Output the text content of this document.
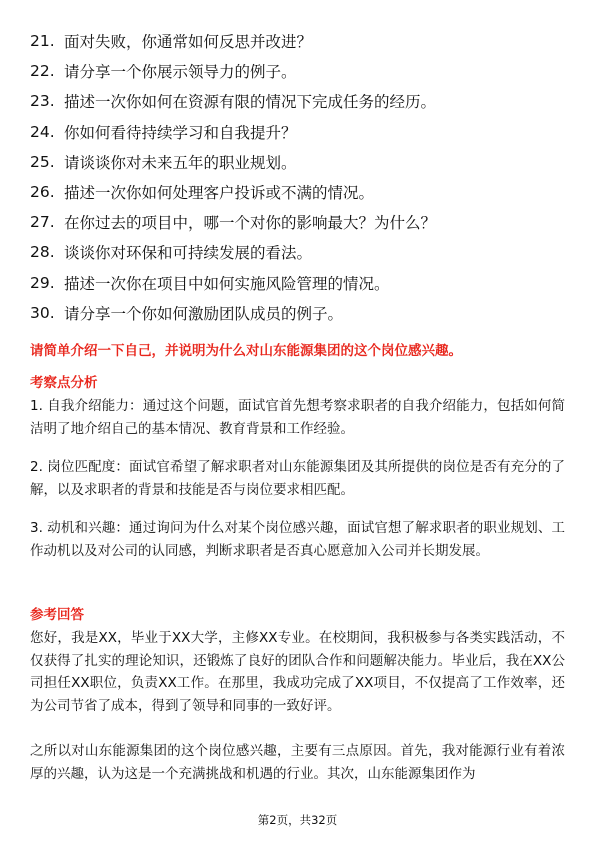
21. 面对失败，你通常如何反思并改进？
22. 请分享一个你展示领导力的例子。
23. 描述一次你如何在资源有限的情况下完成任务的经历。
24. 你如何看待持续学习和自我提升？
25. 请谈谈你对未来五年的职业规划。
26. 描述一次你如何处理客户投诉或不满的情况。
27. 在你过去的项目中，哪一个对你的影响最大？为什么？
28. 谈谈你对环保和可持续发展的看法。
29. 描述一次你在项目中如何实施风险管理的情况。
30. 请分享一个你如何激励团队成员的例子。
请简单介绍一下自己，并说明为什么对山东能源集团的这个岗位感兴趣。
考察点分析
1. 自我介绍能力：通过这个问题，面试官首先想考察求职者的自我介绍能力，包括如何简洁明了地介绍自己的基本情况、教育背景和工作经验。
2. 岗位匹配度：面试官希望了解求职者对山东能源集团及其所提供的岗位是否有充分的了解，以及求职者的背景和技能是否与岗位要求相匹配。
3. 动机和兴趣：通过询问为什么对某个岗位感兴趣，面试官想了解求职者的职业规划、工作动机以及对公司的认同感，判断求职者是否真心愿意加入公司并长期发展。
参考回答
您好，我是XX，毕业于XX大学，主修XX专业。在校期间，我积极参与各类实践活动，不仅获得了扎实的理论知识，还锻炼了良好的团队合作和问题解决能力。毕业后，我在XX公司担任XX职位，负责XX工作。在那里，我成功完成了XX项目，不仅提高了工作效率，还为公司节省了成本，得到了领导和同事的一致好评。
之所以对山东能源集团的这个岗位感兴趣，主要有三点原因。首先，我对能源行业有着浓厚的兴趣，认为这是一个充满挑战和机遇的行业。其次，山东能源集团作为
第2页，共32页
